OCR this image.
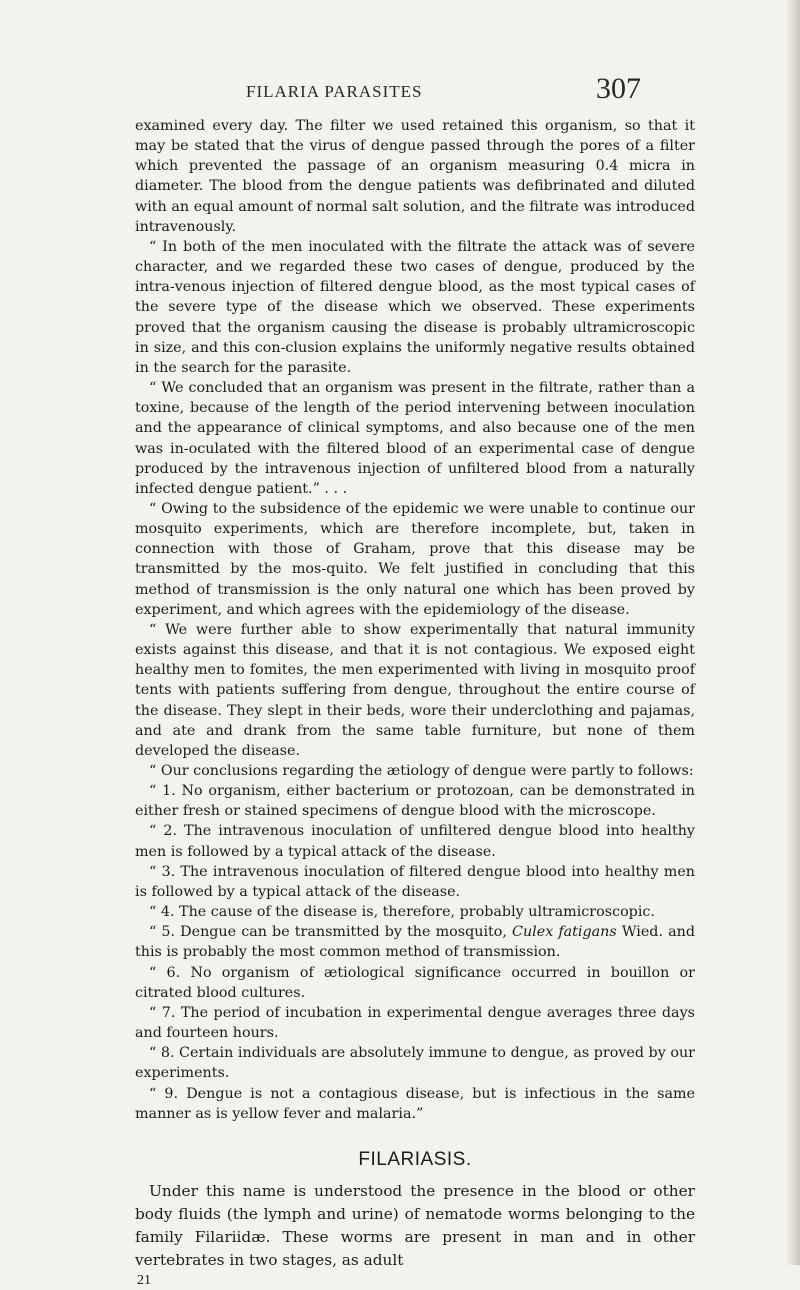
FILARIA PARASITES	307

examined every day. The filter we used retained this organism, so that it may be stated that the virus of dengue passed through the pores of a filter which prevented the passage of an organism measuring 0.4 micra in diameter. The blood from the dengue patients was defibrinated and diluted with an equal amount of normal salt solution, and the filtrate was introduced intravenously.

“ In both of the men inoculated with the filtrate the attack was of severe character, and we regarded these two cases of dengue, produced by the intra-venous injection of filtered dengue blood, as the most typical cases of the severe type of the disease which we observed. These experiments proved that the organism causing the disease is probably ultramicroscopic in size, and this con-clusion explains the uniformly negative results obtained in the search for the parasite.

“ We concluded that an organism was present in the filtrate, rather than a toxine, because of the length of the period intervening between inoculation and the appearance of clinical symptoms, and also because one of the men was in-oculated with the filtered blood of an experimental case of dengue produced by the intravenous injection of unfiltered blood from a naturally infected dengue patient.” . . .

“ Owing to the subsidence of the epidemic we were unable to continue our mosquito experiments, which are therefore incomplete, but, taken in connection with those of Graham, prove that this disease may be transmitted by the mos-quito. We felt justified in concluding that this method of transmission is the only natural one which has been proved by experiment, and which agrees with the epidemiology of the disease.

“ We were further able to show experimentally that natural immunity exists against this disease, and that it is not contagious. We exposed eight healthy men to fomites, the men experimented with living in mosquito proof tents with patients suffering from dengue, throughout the entire course of the disease. They slept in their beds, wore their underclothing and pajamas, and ate and drank from the same table furniture, but none of them developed the disease.

“ Our conclusions regarding the ætiology of dengue were partly to follows:

“ 1. No organism, either bacterium or protozoan, can be demonstrated in either fresh or stained specimens of dengue blood with the microscope.

“ 2. The intravenous inoculation of unfiltered dengue blood into healthy men is followed by a typical attack of the disease.

“ 3. The intravenous inoculation of filtered dengue blood into healthy men is followed by a typical attack of the disease.

“ 4. The cause of the disease is, therefore, probably ultramicroscopic.

“ 5. Dengue can be transmitted by the mosquito, Culex fatigans Wied. and this is probably the most common method of transmission.

“ 6. No organism of ætiological significance occurred in bouillon or citrated blood cultures.

“ 7. The period of incubation in experimental dengue averages three days and fourteen hours.

“ 8. Certain individuals are absolutely immune to dengue, as proved by our experiments.

“ 9. Dengue is not a contagious disease, but is infectious in the same manner as is yellow fever and malaria.”

FILARIASIS.

Under this name is understood the presence in the blood or other body fluids (the lymph and urine) of nematode worms belonging to the family Filariidæ. These worms are present in man and in other vertebrates in two stages, as adult

21
